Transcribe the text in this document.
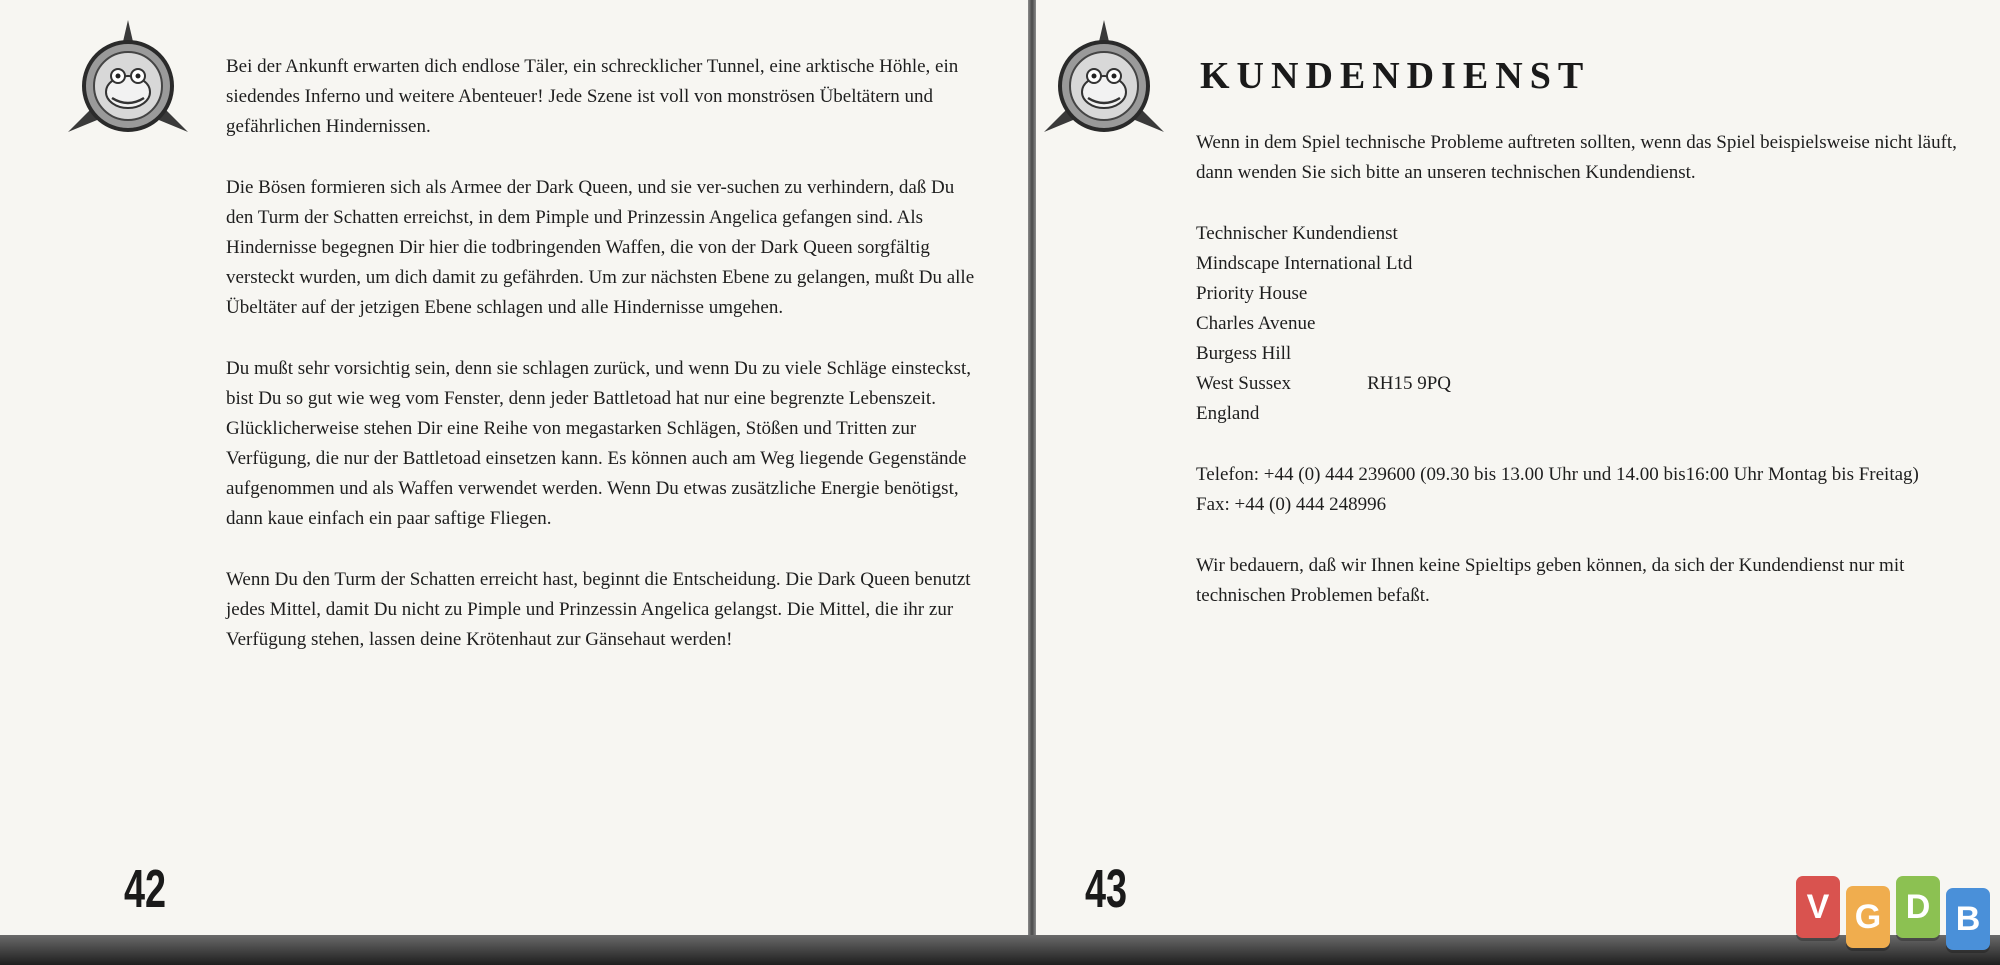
Bei der Ankunft erwarten dich endlose Täler, ein schrecklicher Tunnel, eine arktische Höhle, ein siedendes Inferno und weitere Abenteuer! Jede Szene ist voll von monströsen Übeltätern und gefährlichen Hindernissen.

Die Bösen formieren sich als Armee der Dark Queen, und sie ver-suchen zu verhindern, daß Du den Turm der Schatten erreichst, in dem Pimple und Prinzessin Angelica gefangen sind. Als Hindernisse begegnen Dir hier die todbringenden Waffen, die von der Dark Queen sorgfältig versteckt wurden, um dich damit zu gefährden. Um zur nächsten Ebene zu gelangen, mußt Du alle Übeltäter auf der jetzigen Ebene schlagen und alle Hindernisse umgehen.

Du mußt sehr vorsichtig sein, denn sie schlagen zurück, und wenn Du zu viele Schläge einsteckst, bist Du so gut wie weg vom Fenster, denn jeder Battletoad hat nur eine begrenzte Lebenszeit. Glücklicherweise stehen Dir eine Reihe von megastarken Schlägen, Stößen und Tritten zur Verfügung, die nur der Battletoad einsetzen kann. Es können auch am Weg liegende Gegenstände aufgenommen und als Waffen verwendet werden. Wenn Du etwas zusätzliche Energie benötigst, dann kaue einfach ein paar saftige Fliegen.

Wenn Du den Turm der Schatten erreicht hast, beginnt die Entscheidung. Die Dark Queen benutzt jedes Mittel, damit Du nicht zu Pimple und Prinzessin Angelica gelangst. Die Mittel, die ihr zur Verfügung stehen, lassen deine Krötenhaut zur Gänsehaut werden!

42
KUNDENDIENST

Wenn in dem Spiel technische Probleme auftreten sollten, wenn das Spiel beispielsweise nicht läuft, dann wenden Sie sich bitte an unseren technischen Kundendienst.

Technischer Kundendienst
Mindscape International Ltd
Priority House
Charles Avenue
Burgess Hill
West Sussex	RH15 9PQ
England

Telefon: +44 (0) 444 239600 (09.30 bis 13.00 Uhr und 14.00 bis16:00 Uhr Montag bis Freitag)
Fax: +44 (0) 444 248996

Wir bedauern, daß wir Ihnen keine Spieltips geben können, da sich der Kundendienst nur mit technischen Problemen befaßt.

43	V G D B
